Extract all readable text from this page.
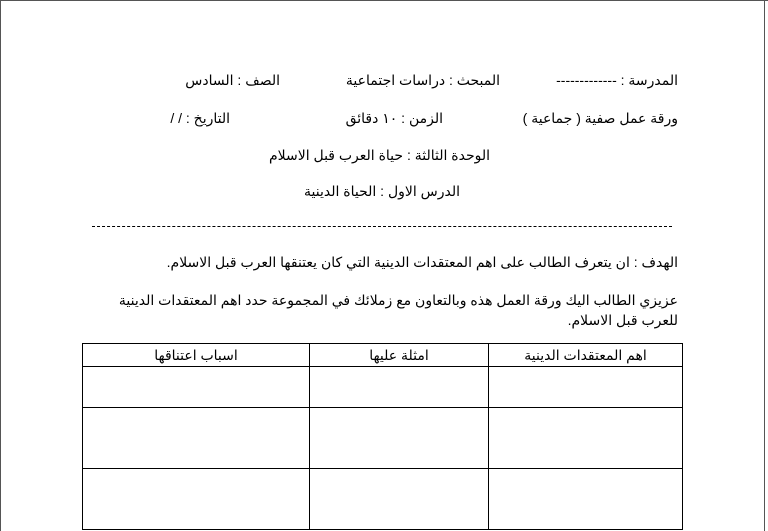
المدرسة : -------------
المبحث : دراسات اجتماعية
الصف : السادس
ورقة عمل صفية ( جماعية )
الزمن : ١٠ دقائق
التاريخ : / /
الوحدة الثالثة : حياة العرب قبل الاسلام
الدرس الاول : الحياة الدينية
الهدف : ان يتعرف الطالب على اهم المعتقدات الدينية التي كان يعتنقها العرب قبل الاسلام.
عزيزي الطالب اليك ورقة العمل هذه وبالتعاون مع زملائك في المجموعة حدد اهم المعتقدات الدينية للعرب قبل الاسلام.
اهم المعتقدات الدينية	امثلة عليها	اسباب اعتناقها
